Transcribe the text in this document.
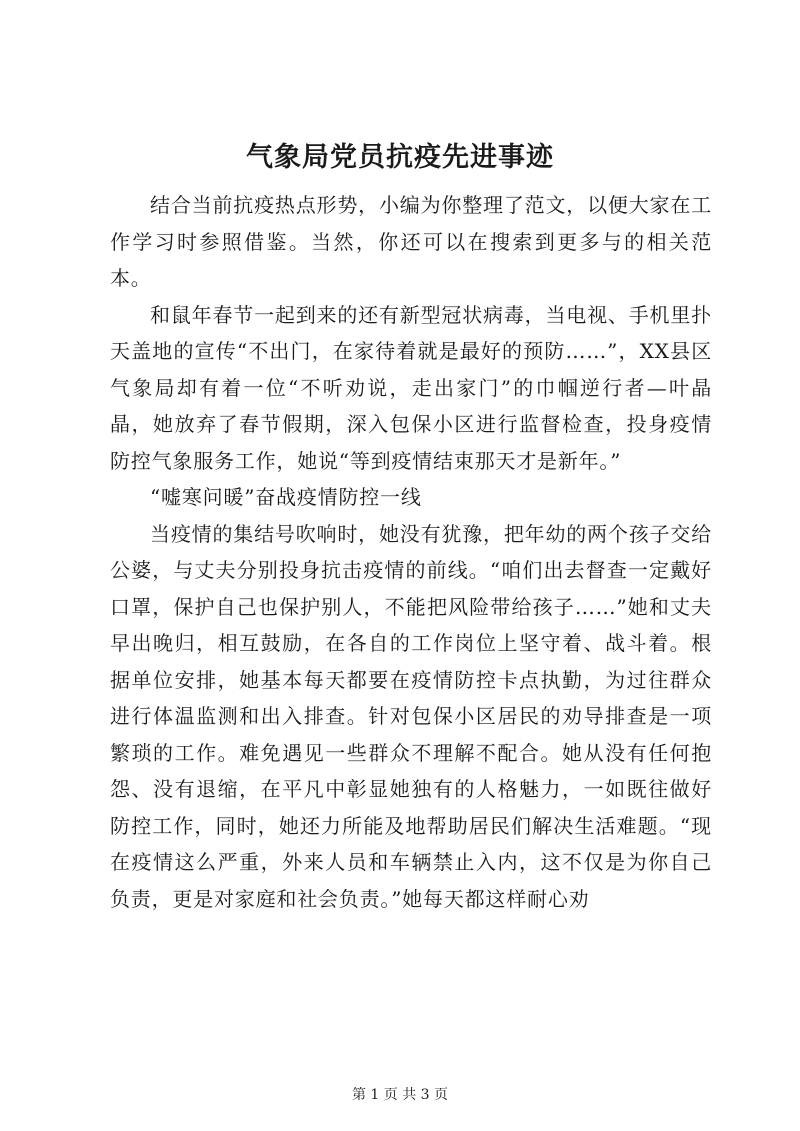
气象局党员抗疫先进事迹

结合当前抗疫热点形势，小编为你整理了范文，以便大家在工作学习时参照借鉴。当然，你还可以在搜索到更多与的相关范本。

和鼠年春节一起到来的还有新型冠状病毒，当电视、手机里扑天盖地的宣传“不出门，在家待着就是最好的预防……”，XX县区气象局却有着一位“不听劝说，走出家门”的巾帼逆行者—叶晶晶，她放弃了春节假期，深入包保小区进行监督检查，投身疫情防控气象服务工作，她说“等到疫情结束那天才是新年。”

“嘘寒问暖”奋战疫情防控一线

当疫情的集结号吹响时，她没有犹豫，把年幼的两个孩子交给公婆，与丈夫分别投身抗击疫情的前线。“咱们出去督查一定戴好口罩，保护自己也保护别人，不能把风险带给孩子……”她和丈夫早出晚归，相互鼓励，在各自的工作岗位上坚守着、战斗着。根据单位安排，她基本每天都要在疫情防控卡点执勤，为过往群众进行体温监测和出入排查。针对包保小区居民的劝导排查是一项繁琐的工作。难免遇见一些群众不理解不配合。她从没有任何抱怨、没有退缩，在平凡中彰显她独有的人格魅力，一如既往做好防控工作，同时，她还力所能及地帮助居民们解决生活难题。“现在疫情这么严重，外来人员和车辆禁止入内，这不仅是为你自己负责，更是对家庭和社会负责。”她每天都这样耐心劝

第 1 页 共 3 页
